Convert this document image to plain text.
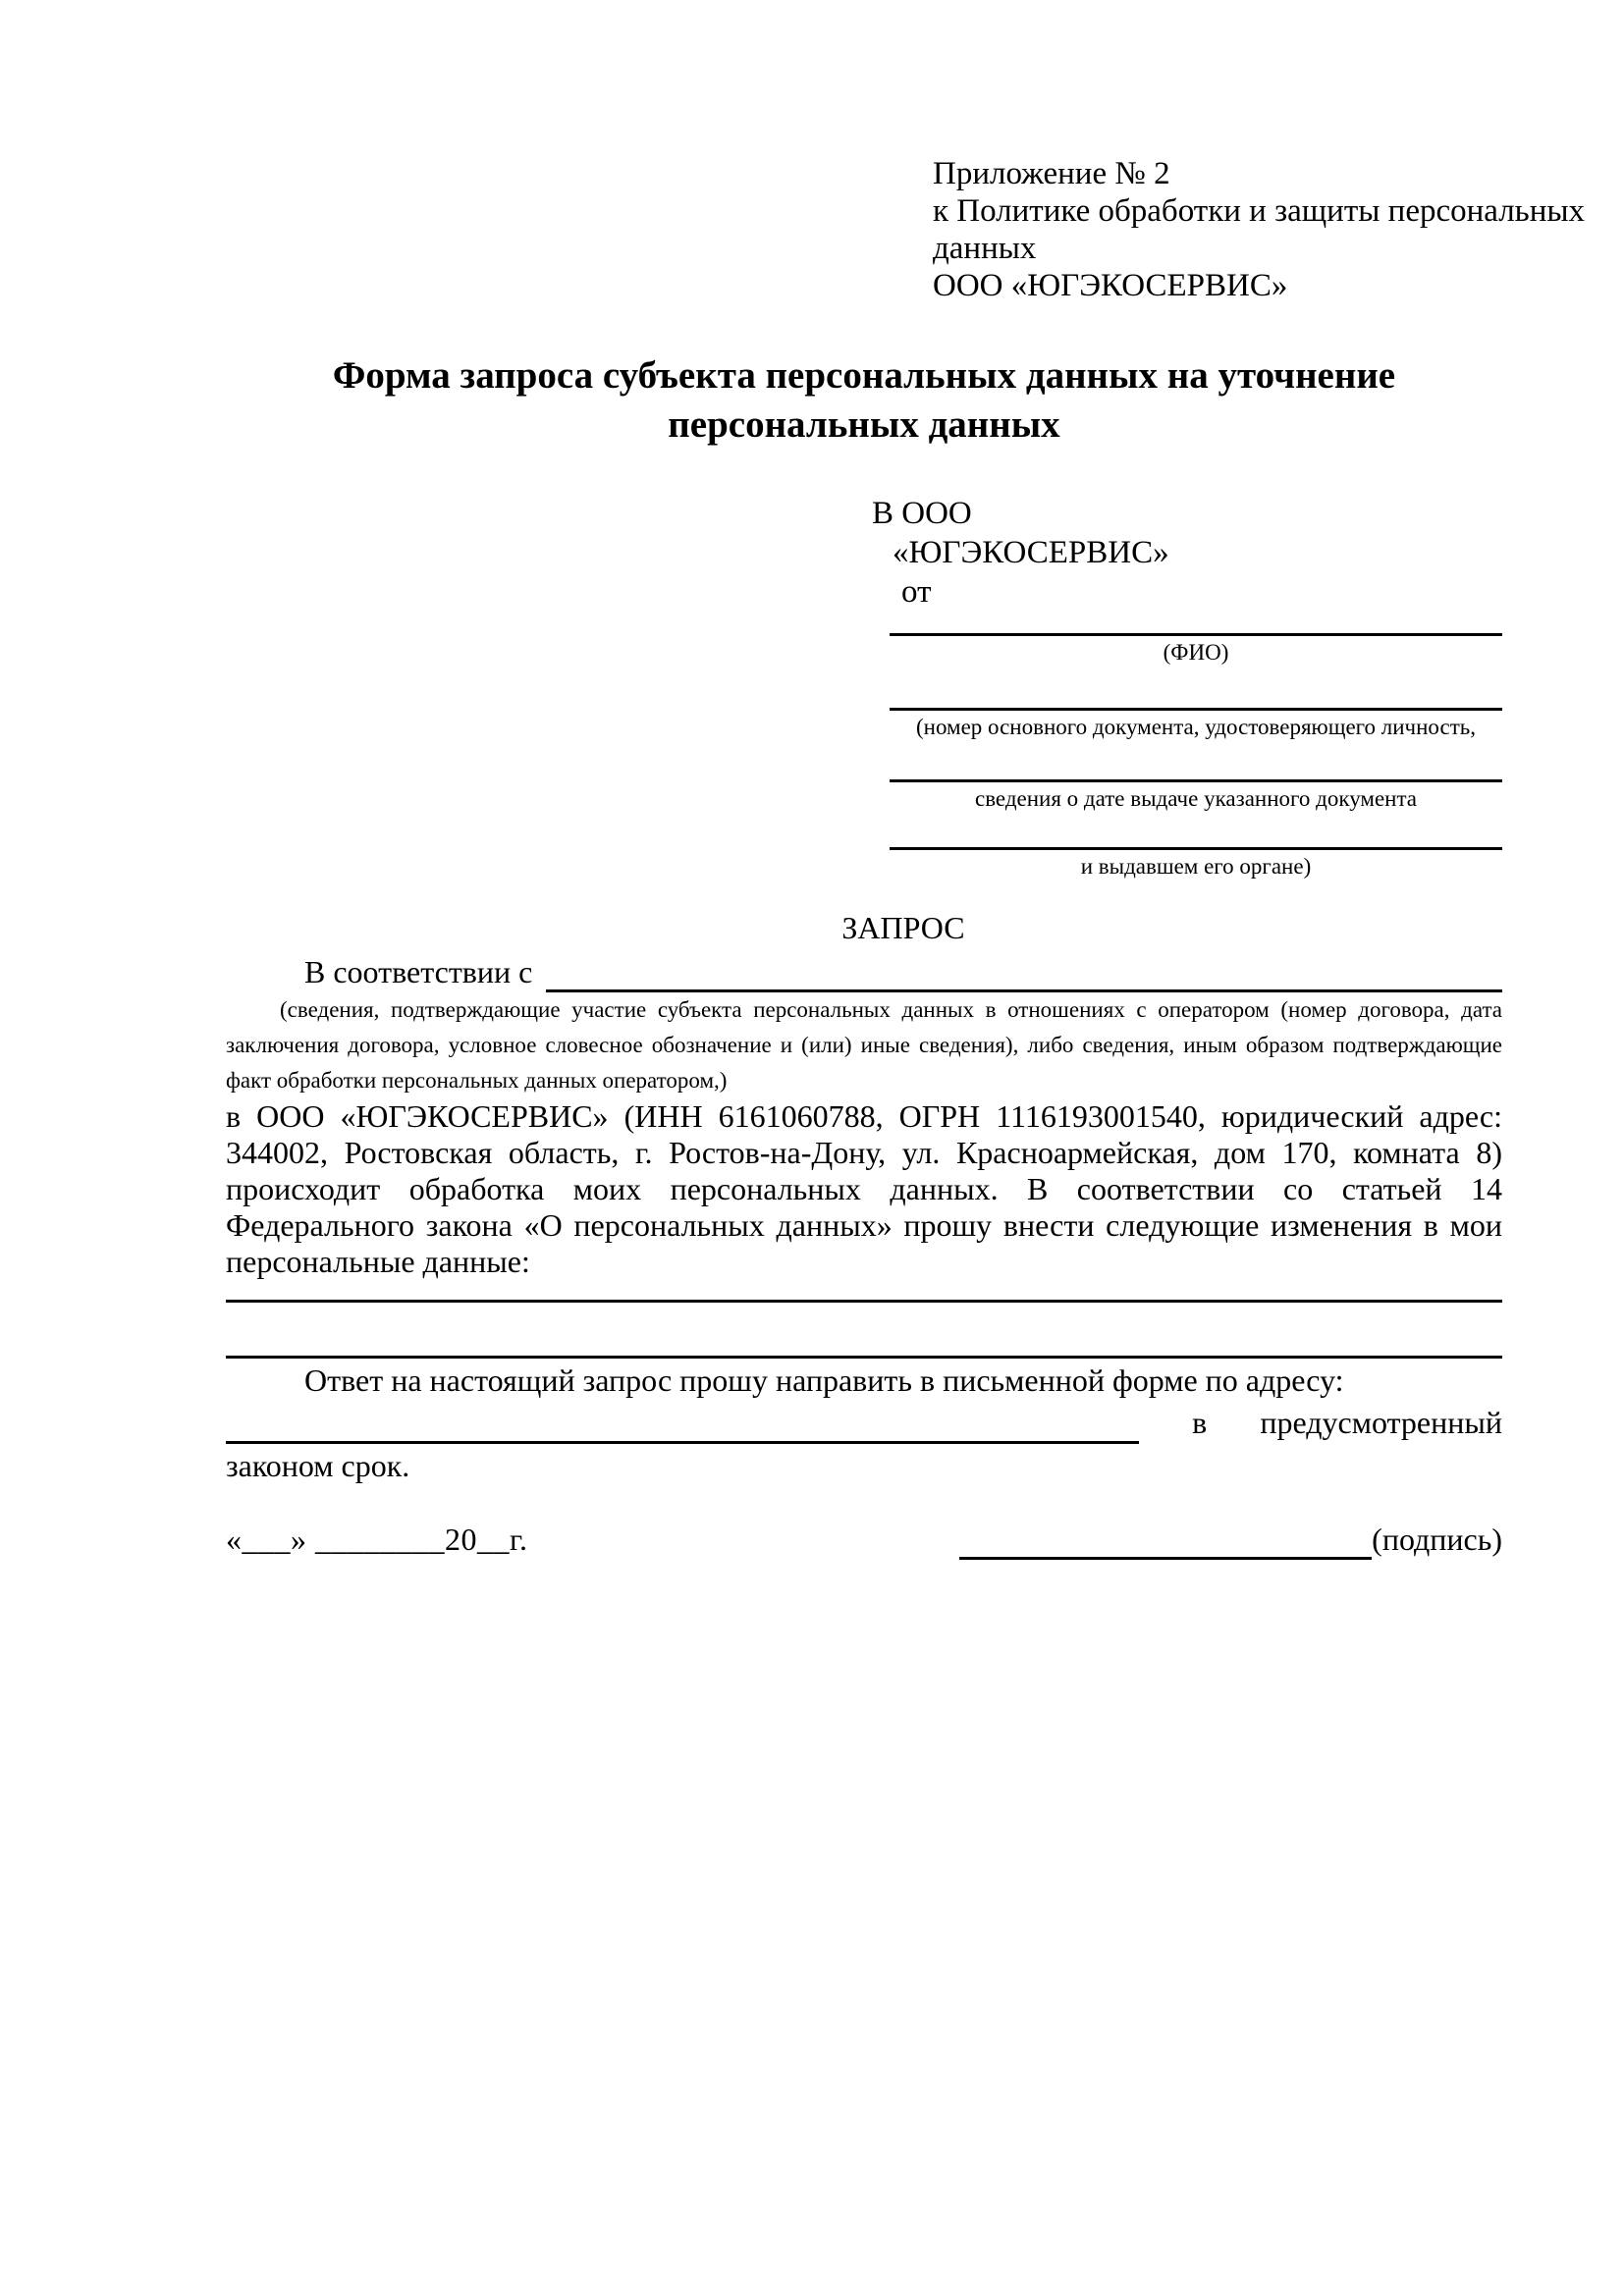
Приложение № 2
к Политике обработки и защиты персональных
данных
ООО «ЮГЭКОСЕРВИС»
Форма запроса субъекта персональных данных на уточнение
персональных данных
В ООО
«ЮГЭКОСЕРВИС»
от
(ФИО)
(номер основного документа, удостоверяющего личность,
сведения о дате выдаче указанного документа
и выдавшем его органе)
ЗАПРОС
В соответствии с
(сведения, подтверждающие участие субъекта персональных данных в отношениях с оператором (номер договора, дата заключения договора, условное словесное обозначение и (или) иные сведения), либо сведения, иным образом подтверждающие факт обработки персональных данных оператором,)
в ООО «ЮГЭКОСЕРВИС» (ИНН 6161060788, ОГРН 1116193001540, юридический адрес: 344002, Ростовская область, г. Ростов-на-Дону, ул. Красноармейская, дом 170, комната 8) происходит обработка моих персональных данных. В соответствии со статьей 14 Федерального закона «О персональных данных» прошу внести следующие изменения в мои персональные данные:
Ответ на настоящий запрос прошу направить в письменной форме по адресу:
в предусмотренный
законом срок.
«___» ________20__г.	(подпись)
